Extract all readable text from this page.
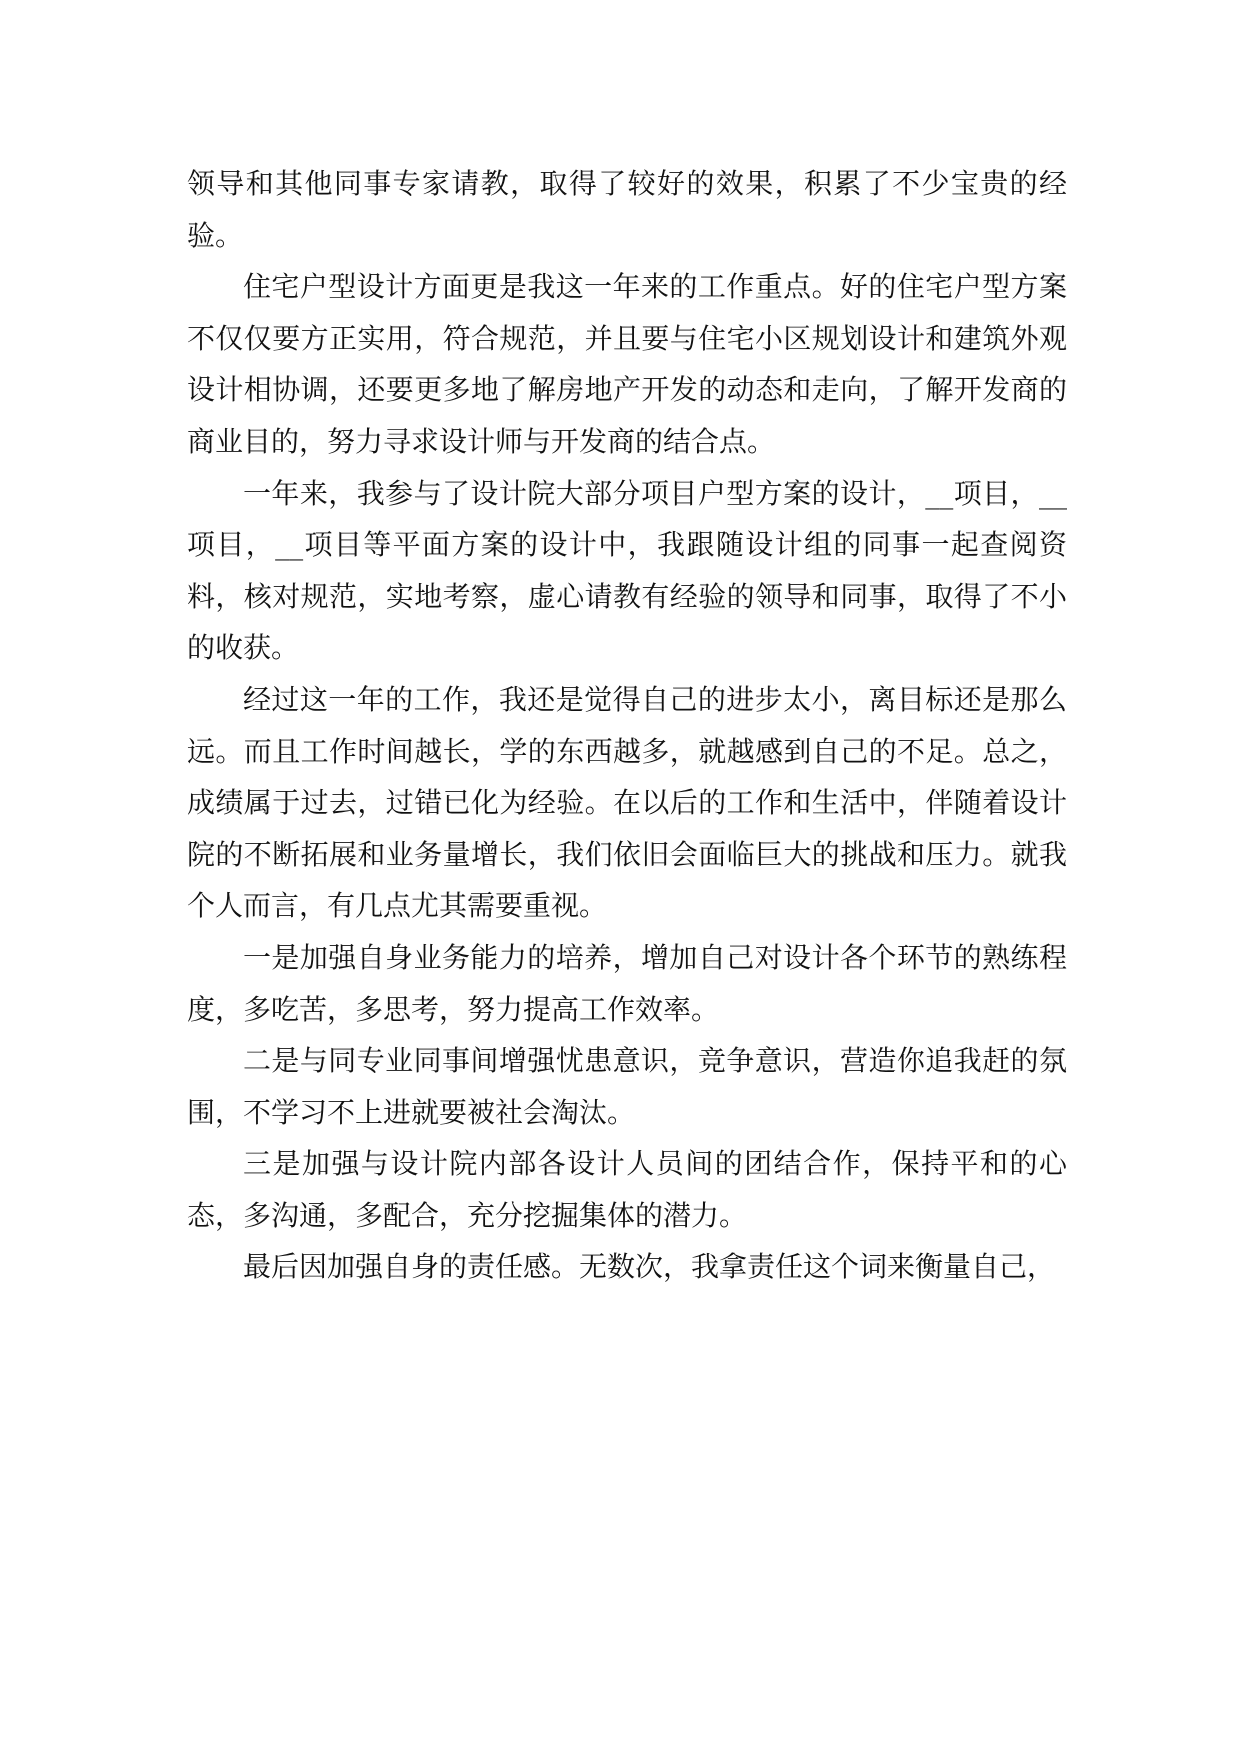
领导和其他同事专家请教，取得了较好的效果，积累了不少宝贵的经验。

住宅户型设计方面更是我这一年来的工作重点。好的住宅户型方案不仅仅要方正实用，符合规范，并且要与住宅小区规划设计和建筑外观设计相协调，还要更多地了解房地产开发的动态和走向，了解开发商的商业目的，努力寻求设计师与开发商的结合点。

一年来，我参与了设计院大部分项目户型方案的设计，__项目，__项目，__项目等平面方案的设计中，我跟随设计组的同事一起查阅资料，核对规范，实地考察，虚心请教有经验的领导和同事，取得了不小的收获。

经过这一年的工作，我还是觉得自己的进步太小，离目标还是那么远。而且工作时间越长，学的东西越多，就越感到自己的不足。总之，成绩属于过去，过错已化为经验。在以后的工作和生活中，伴随着设计院的不断拓展和业务量增长，我们依旧会面临巨大的挑战和压力。就我个人而言，有几点尤其需要重视。

一是加强自身业务能力的培养，增加自己对设计各个环节的熟练程度，多吃苦，多思考，努力提高工作效率。

二是与同专业同事间增强忧患意识，竞争意识，营造你追我赶的氛围，不学习不上进就要被社会淘汰。

三是加强与设计院内部各设计人员间的团结合作，保持平和的心态，多沟通，多配合，充分挖掘集体的潜力。

最后因加强自身的责任感。无数次，我拿责任这个词来衡量自己，
